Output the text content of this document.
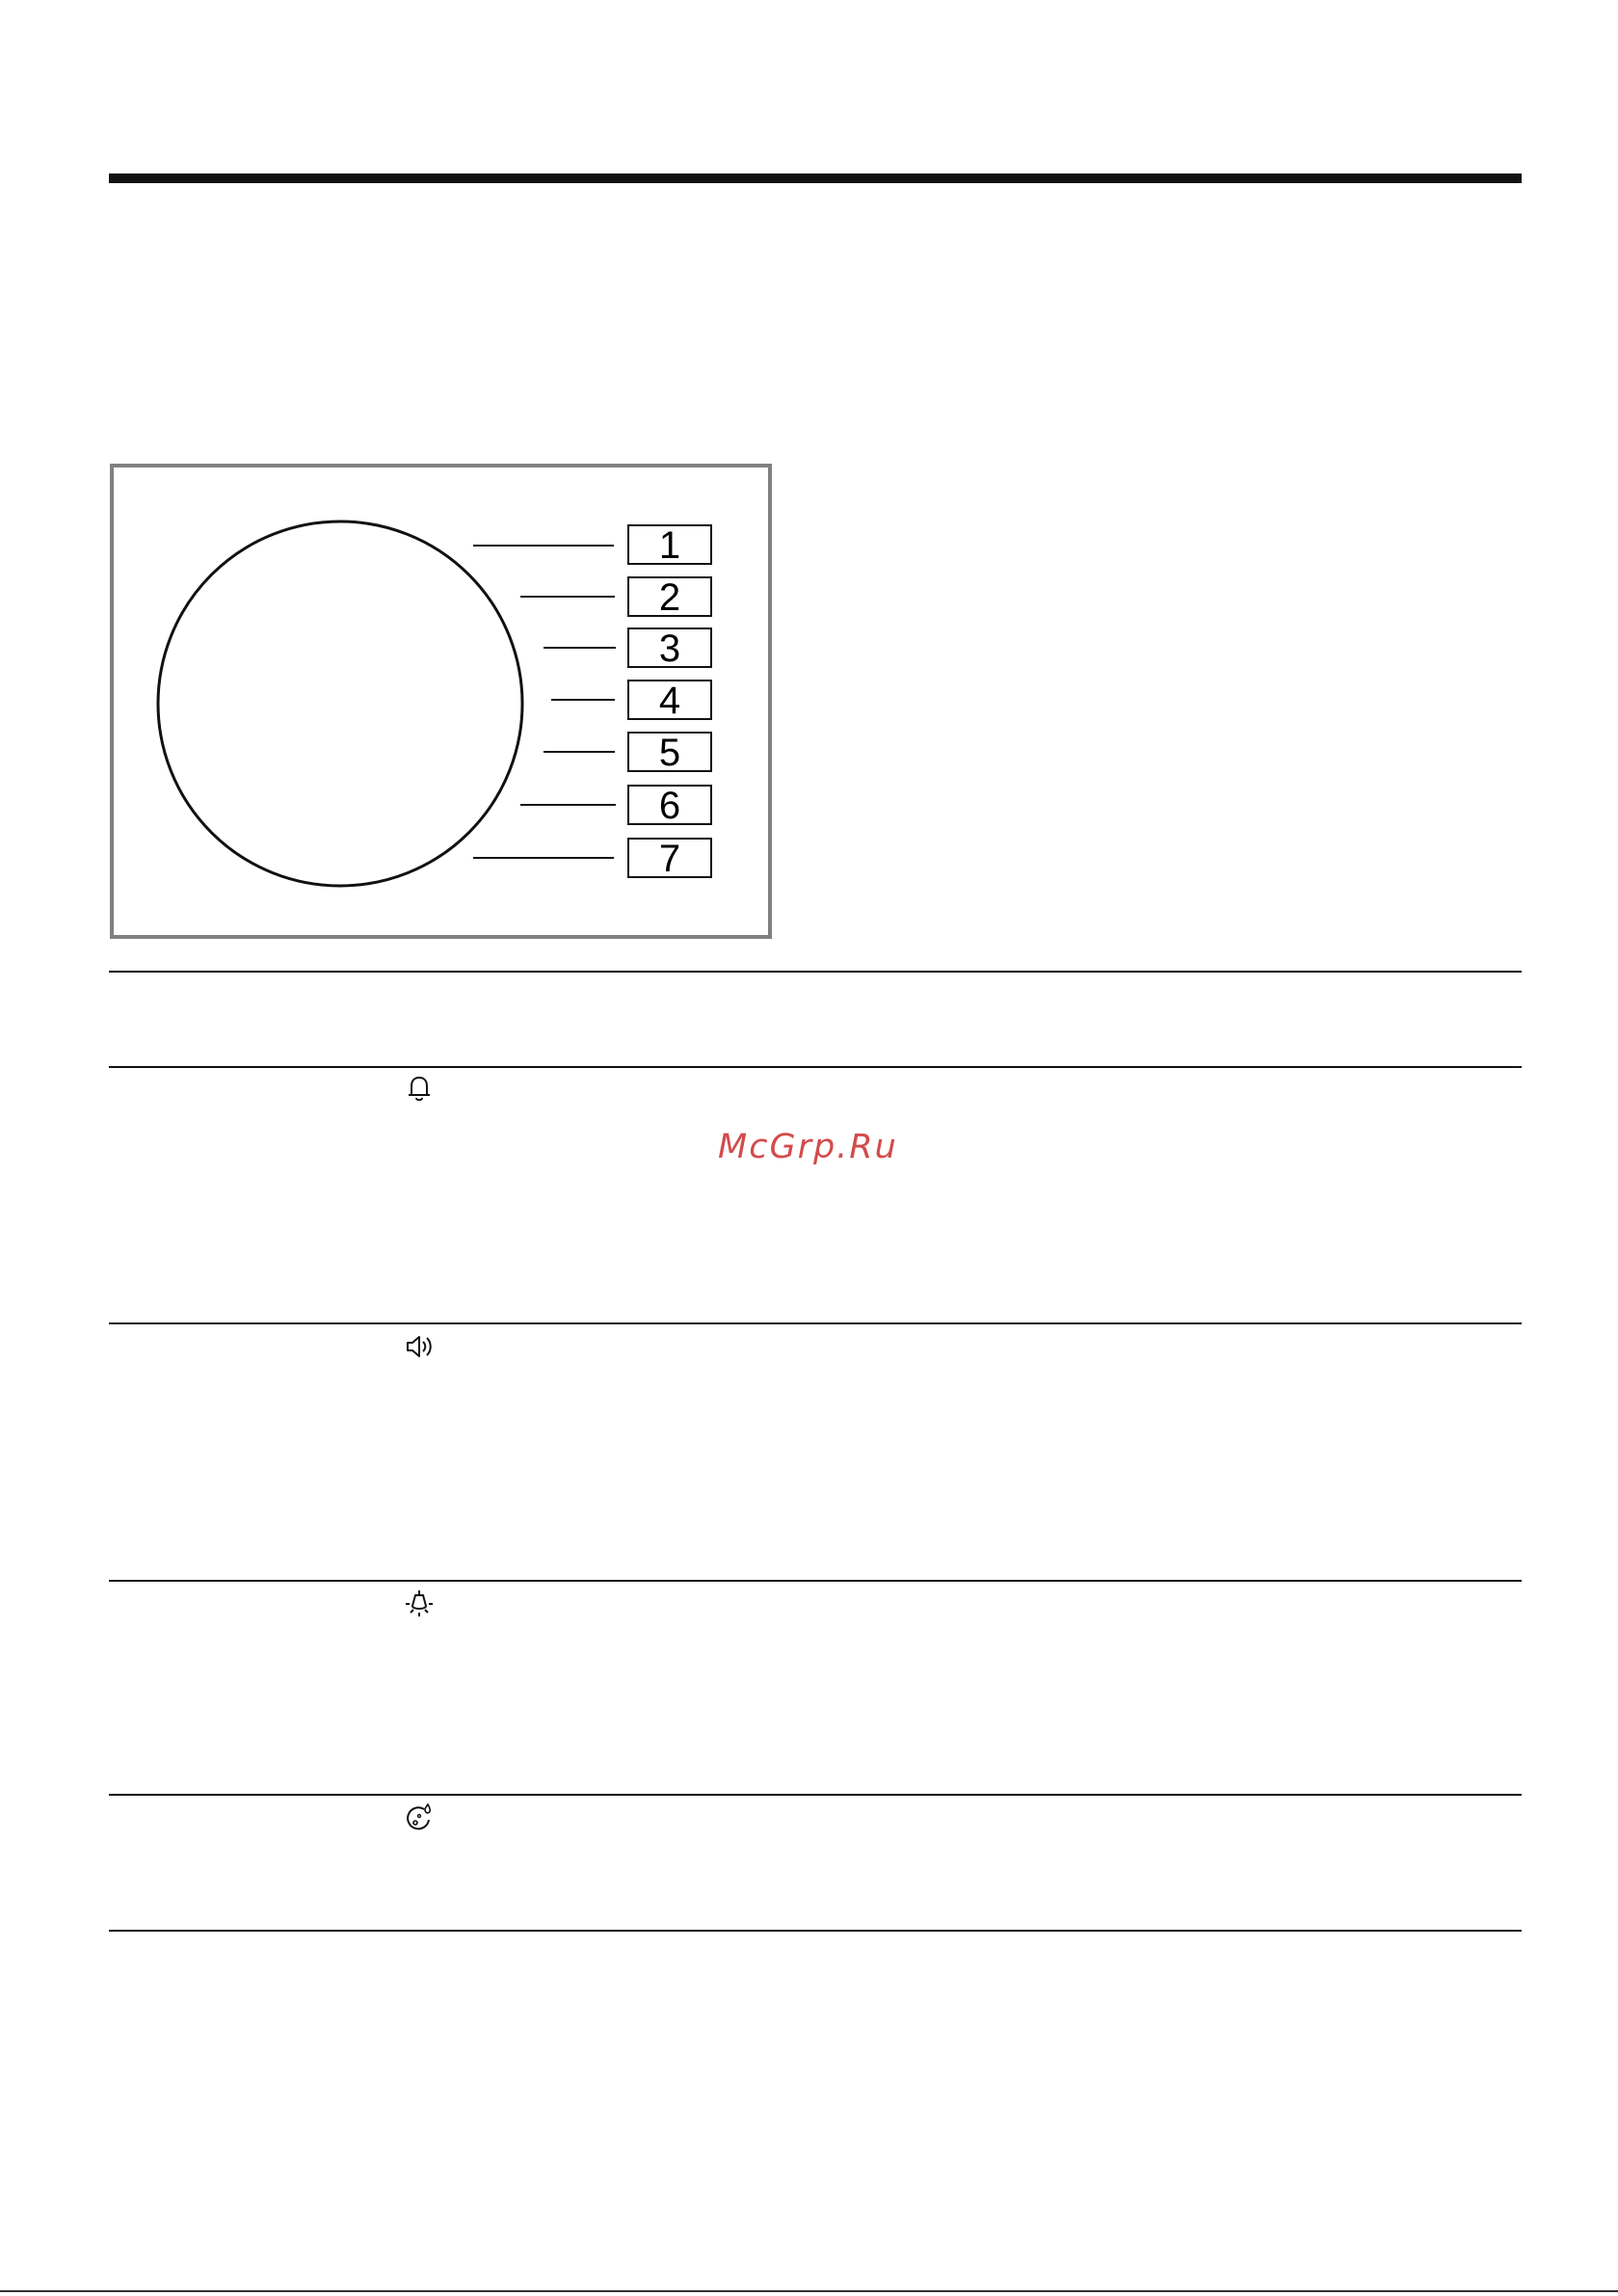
1
2
3
4
5
6
7
McGrp.Ru
